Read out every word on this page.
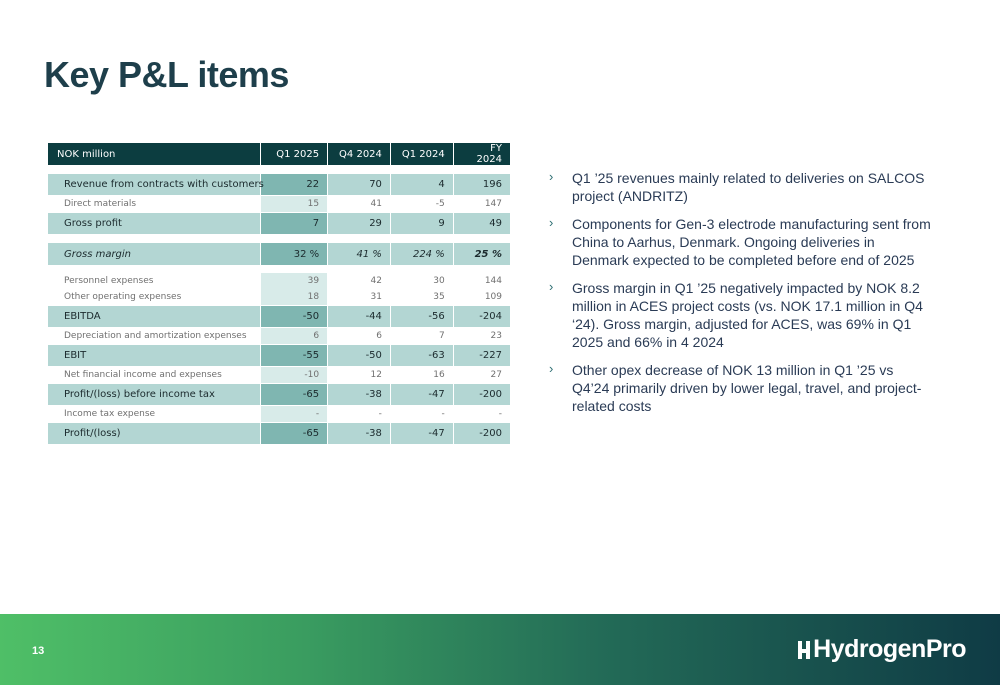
Key P&L items
NOK million	Q1 2025	Q4 2024	Q1 2024	FY 2024

Revenue from contracts with customers	22	70	4	196
Direct materials	15	41	-5	147
Gross profit	7	29	9	49

Gross margin	32 %	41 %	224 %	25 %

Personnel expenses	39	42	30	144
Other operating expenses	18	31	35	109
EBITDA	-50	-44	-56	-204
Depreciation and amortization expenses	6	6	7	23
EBIT	-55	-50	-63	-227
Net financial income and expenses	-10	12	16	27
Profit/(loss) before income tax	-65	-38	-47	-200
Income tax expense	-	-	-	-
Profit/(loss)	-65	-38	-47	-200
› Q1 ’25 revenues mainly related to deliveries on SALCOS project (ANDRITZ)
› Components for Gen-3 electrode manufacturing sent from China to Aarhus, Denmark. Ongoing deliveries in Denmark expected to be completed before end of 2025
› Gross margin in Q1 ’25 negatively impacted by NOK 8.2 million in ACES project costs (vs. NOK 17.1 million in Q4 ‘24). Gross margin, adjusted for ACES, was 69% in Q1 2025 and 66% in 4 2024
› Other opex decrease of NOK 13 million in Q1 ’25 vs Q4’24 primarily driven by lower legal, travel, and project-related costs
13	HydrogenPro
